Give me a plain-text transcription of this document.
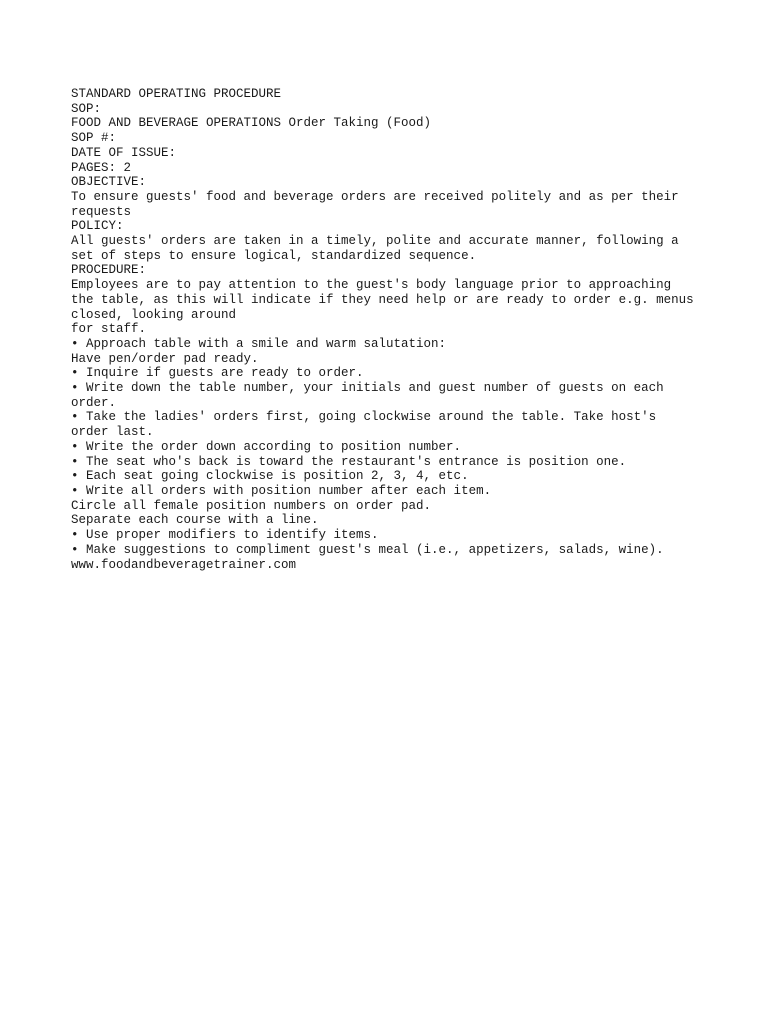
STANDARD OPERATING PROCEDURE
SOP:
FOOD AND BEVERAGE OPERATIONS Order Taking (Food)
SOP #:
DATE OF ISSUE:
PAGES: 2
OBJECTIVE:
To ensure guests' food and beverage orders are received politely and as per their
requests
POLICY:
All guests' orders are taken in a timely, polite and accurate manner, following a
set of steps to ensure logical, standardized sequence.
PROCEDURE:
Employees are to pay attention to the guest's body language prior to approaching
the table, as this will indicate if they need help or are ready to order e.g. menus
closed, looking around
for staff.
• Approach table with a smile and warm salutation:
Have pen/order pad ready.
• Inquire if guests are ready to order.
• Write down the table number, your initials and guest number of guests on each
order.
• Take the ladies' orders first, going clockwise around the table. Take host's
order last.
• Write the order down according to position number.
• The seat who's back is toward the restaurant's entrance is position one.
• Each seat going clockwise is position 2, 3, 4, etc.
• Write all orders with position number after each item.
Circle all female position numbers on order pad.
Separate each course with a line.
• Use proper modifiers to identify items.
• Make suggestions to compliment guest's meal (i.e., appetizers, salads, wine).
www.foodandbeveragetrainer.com
